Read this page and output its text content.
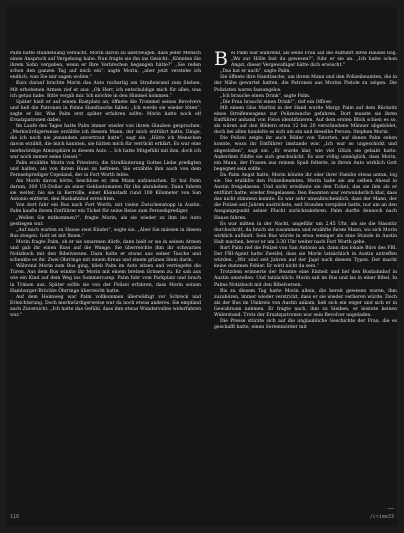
Palm hatte stundenlang versucht, Morin davon zu überzeugen, dass jeder Mensch einen Anspruch auf Vergebung habe. Nun fragte sie ihn ins Gesicht: „Könnten Sie ihrem Sohn vergeben, wenn er Ihre Verbrechen begangen hätte?“ „Sie reden schon den ganzen Tag auf mich ein“, sagte Morin, „aber jetzt verstehe ich endlich, was Sie mir sagen wollen.“

Kurz darauf brachte Morin das Auto ruckartig am Straßenrand zum Stehen. Mit erhobenen Armen rief er aus: „Ok Herr, ich entschuldige mich für alles, was ich getan habe. Bitte vergib mir. Ich möchte in den Himmel kommen.“

Später hielt er auf einem Rastplatz an, öffnete die Trommel seines Revolvers und ließ die Patronen in Palms Handtasche fallen: „Ich werde sie wieder töten“, sagte er ihr. Was Palm erst später erfahren sollte: Morin hatte noch elf Ersatzpatronen dabei.

Im Laufe des Tages hatte Palm immer wieder von ihrem Glauben gesprochen. „Merkwürdigerweise erzählte ich diesem Mann, der mich entführt hatte, Dinge, die ich noch nie jemandem anvertraut hatte“, sagt sie. „Hätte ich Menschen davon erzählt, die mich kannten, sie hätten mich für verrückt erklärt. Es war eine merkwürdige Atmosphäre in diesem Auto … Ich hatte Mitgefühl mit ihm, doch ich war noch immer seine Geisel.“

Palm erzählte Morin von Priestern, die Strafläuterung Gottes Liebe predigten und halfen, als von ihrem Haus zu befreien. Sie erzählte ihm auch von dem Fernsehprediger Copeland, der in Fort Worth lebte.

Als Morin davon hörte, beschloss er, den Mann aufzusuchen. Er bat Palm darum, 300 US-Dollar an einer Geldautomaten für ihn abzuheben. Dann fuhren sie weiter, bis sie in Kerrville, einer Kleinstadt rund 100 Kilometer von San Antonio entfernt, den Busbahnhof erreichten.

Von dort fuhr ein Bus nach Fort Worth, mit vielen Zwischenstopp in Austin. Palm kaufte ihrem Entführer ein Ticket für seine Reise zum Fernsehprediger.

„Wollen Sie mitkommen?“, fragte Morin, als sie wieder zu ihm ins Auto gestiegen war.

„Auf mich warten zu Hause zwei Kinder“, sagte sie. „Aber Sie müssen in diesen Bus steigen. Gott ist mit Ihnen.“

Morin fragte Palm, ob er sie umarmen dürfe, dann hielt er sie in seinen Armen und gab ihr einen Kuss auf die Wange. Sie überreichte ihm ihr schwarzes Notizbuch mit den Bibelversen. Dazu holte er etwas aus seiner Tasche und schenkte es ihr. Zwei Ohrringe mit einem Kreuz und einem grünen Stein darin.

Während Morin zum Bus ging, blieb Palm im Auto sitzen und verriegelte die Türen. Aus dem Bus winkte ihr Morin mit einem breiten Grinsen zu. Er sah aus wie ein Kind auf dem Weg ins Sommercamp. Palm fuhr vom Parkplatz und brach in Tränen aus. Später sollte sie von der Polizei erfahren, dass Morin seinen Hamburger-Brüchte Öhrringe überreicht hatte.

Auf dem Heimweg war Palm vollkommen überwältigt vor Schreck und Erleichterung. Doch merkwürdigerweise war da noch etwas anderes. Sie empfand auch Zuversicht. „Ich hatte das Gefühl, dass ihm etwas Wundervolles widerfahren war.“

Bei Palm war während, als seine Frau auf die Aufführt ihres Hauses bog. „Wo zur Hölle bist du gewesen?“, fuhr er sie an. „Ich hatte schon Angst, dieser Vergewaltiger hätte dich erwischt.“

„Das hat er auch“, sagte Palm.

Sie öffnete ihre Handtasche, um ihrem Mann und den Polizeibeamten, die in der Nähe gewartet hatten, die Patronen aus Morins Pistole zu zeigen. Die Polizisten waren fassungslos.

„Ich brauche einen Drink“, sagte Palm.

„Die Frau braucht einen Drink!“, rief ein Officer.

Mit einem Glas Martini in der Hand wurde Margy Palm auf dem Rücksitz eines Streifenwagens zur Polizeiwache gefahren. Dort musste sie ihren Entführer anhand von Fotos identifizieren. Auf dem ersten Blick schien es so, als wären auf den Bildern etwa 12 bis 20 verschiedene Männer abgebildet, doch bei allen handelte es sich um ein und dieselbe Person: Stephen Morin.

Die Polizei zeigte ihr auch Bilder von Tatorten, auf denen Palm sehen konnte, wozu ihr Entführer imstande war. „Ich war so ungeschickt und abgestoßen“, sagt sie. „Er wurde klar, wie viel Glück sie gehabt hatte. Außerdem fühlte sie sich geschwächt. Es war völlig unmöglich, dass Morin, ein Mann, der Frauen aus reinem Spaß folterte, in ihrem Auto wirklich Gott begegnet sein sollte.

Da Palm Angst hatte, Morin könnte ihr oder ihrer Familie etwas antun, log sie. Sie erzählte den Polizeibeamten, Morin habe sie am selben Abend in Austin freigelassen. Und nicht erwähnte sie den Ticket, das sie ihm als er entführt hatte, wieder freigelassen. Den Beamten war verwunderlich klar, dass das nicht stimmen konnte. Es war sehr unwahrscheinlich, dass der Mann, der die Polizei seit Jahren austrickste, seit Stunden verspätet hatte, nur um an den Ausgangspunkt seiner Flucht zurückzukehren. Palm durfte dennoch nach Hause fahren.

Es war mitten in der Nacht, ungefähr um 2.45 Uhr, als sie die Haustür durchschritt, da brach sie zusammen und erzählte ihrem Mann, wo sich Morin wirklich aufhielt. Sein Bus würde in etwa weniger als eine Stunde in Austin Halt machen, bevor er um 3.30 Uhr weiter nach Fort Worth gehe.

Bart Palm rief die Polizei von San Antonio an, dann das lokale Büro des FBI. Der FBI-Agent hatte Zweifel, dass sie Morin tatsächlich in Austin antreffen würden. „Wir sind seit Jahren auf der Jagd nach diesem Typen. Der macht keine dummen Fehler. Er wird nicht da sein.“

Trotzdem erinnerte der Beamte eine Einheit und lief den Busbahnhof in Austin umstellen. Und tatsächlich: Morin saß im Bus und las in einer Bibel. In Palms Notizbuch mit den Bibelversen.

Bis zu diesem Tag hatte Morin allein, die bereit gewesen waren, ihm zuzuhören, immer wieder verstrickt, dass er sie wieder verlieren würde. Doch als der Bus im Umkreis von Austin ankam, ließ sich ein enger und sich er in Gewahrsam nehmen. Er fragte nach, ihm zu bleiben, er leistete keinen Widerstand. Trotz der Ersatzpatronen war sein Revolver ungeladen.

Die Presse stürzte sich auf die unglaubliche Geschichte der Frau, die es geschafft hatte, einen Serienmörder mit

118
——
/crime33
